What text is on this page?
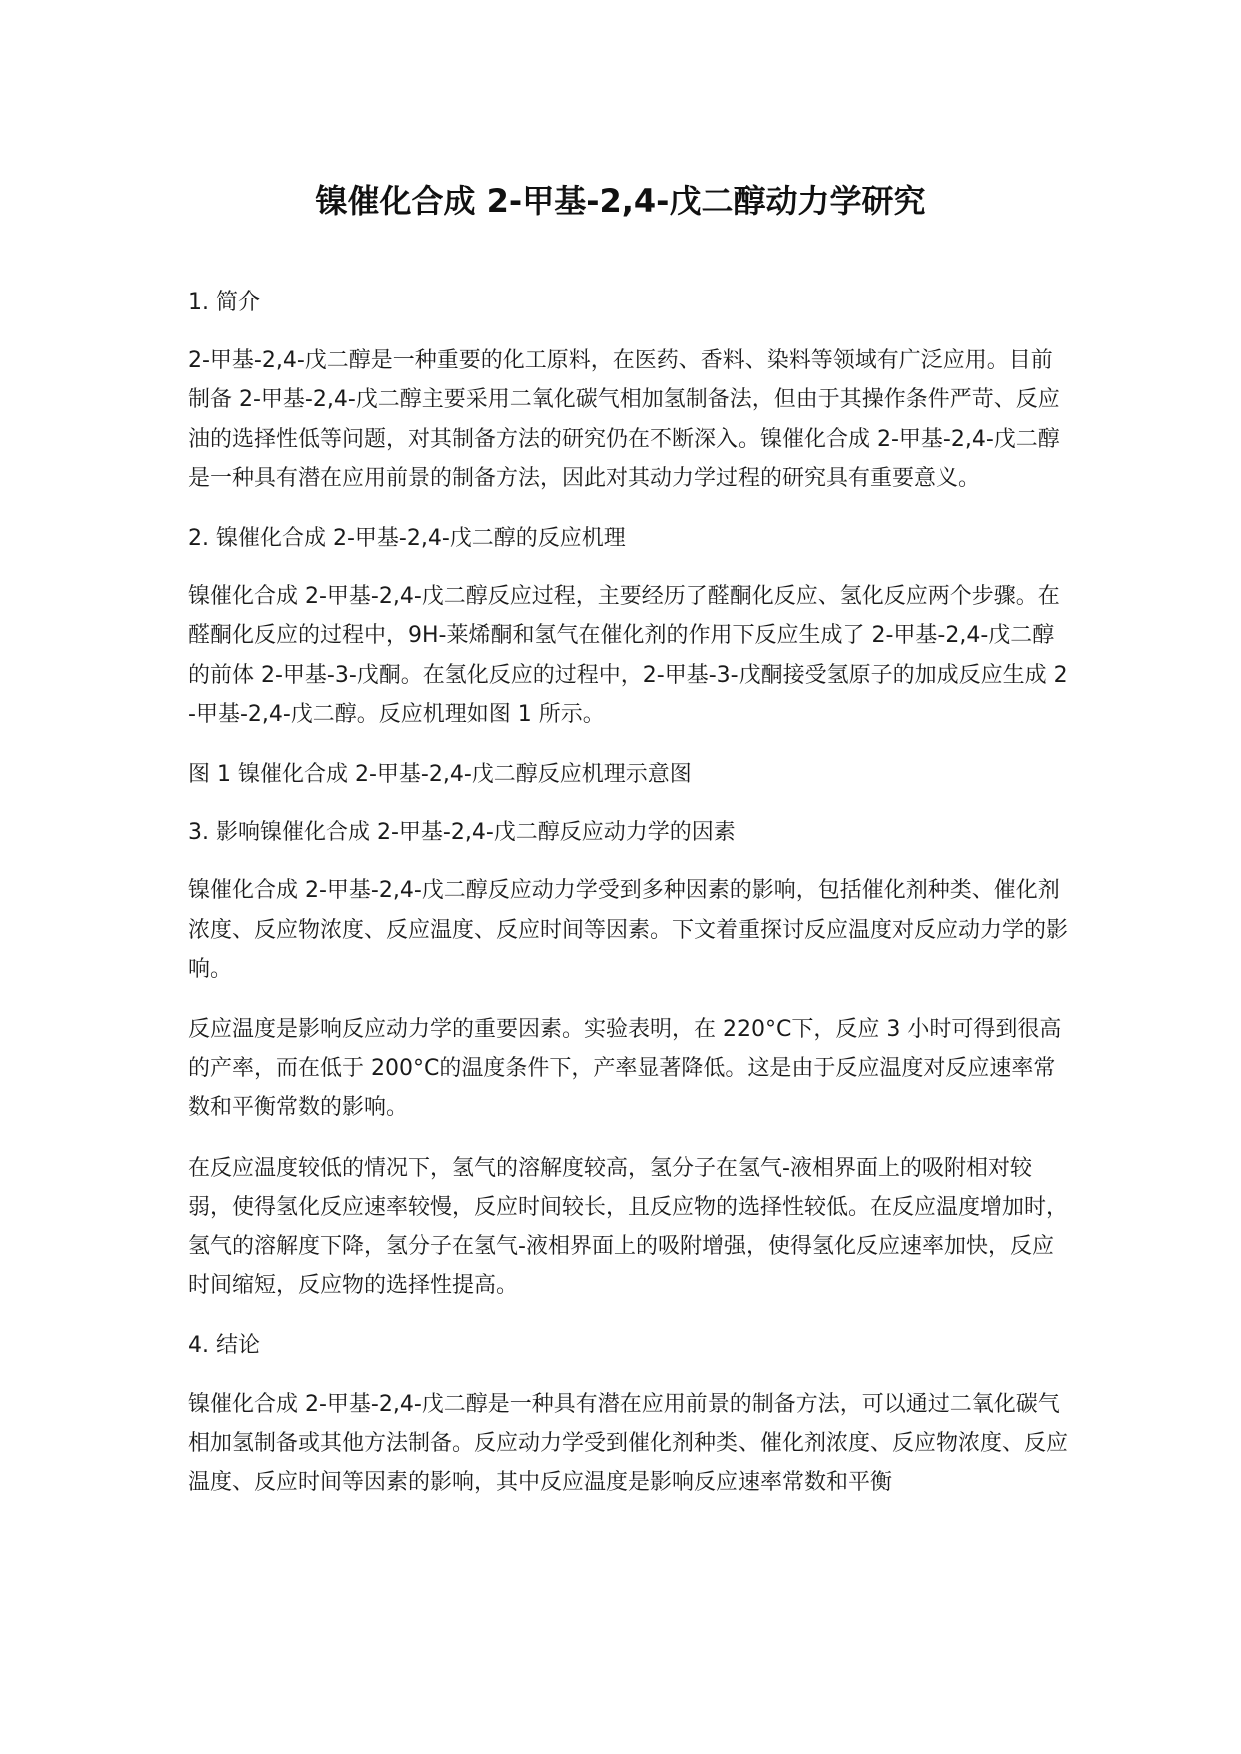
镍催化合成 2-甲基-2,4-戊二醇动力学研究

1. 简介

2-甲基-2,4-戊二醇是一种重要的化工原料，在医药、香料、染料等领域有广泛应用。目前制备 2-甲基-2,4-戊二醇主要采用二氧化碳气相加氢制备法，但由于其操作条件严苛、反应油的选择性低等问题，对其制备方法的研究仍在不断深入。镍催化合成 2-甲基-2,4-戊二醇是一种具有潜在应用前景的制备方法，因此对其动力学过程的研究具有重要意义。

2. 镍催化合成 2-甲基-2,4-戊二醇的反应机理

镍催化合成 2-甲基-2,4-戊二醇反应过程，主要经历了醛酮化反应、氢化反应两个步骤。在醛酮化反应的过程中，9H-莱烯酮和氢气在催化剂的作用下反应生成了 2-甲基-2,4-戊二醇的前体 2-甲基-3-戊酮。在氢化反应的过程中，2-甲基-3-戊酮接受氢原子的加成反应生成 2-甲基-2,4-戊二醇。反应机理如图 1 所示。

图 1 镍催化合成 2-甲基-2,4-戊二醇反应机理示意图

3. 影响镍催化合成 2-甲基-2,4-戊二醇反应动力学的因素

镍催化合成 2-甲基-2,4-戊二醇反应动力学受到多种因素的影响，包括催化剂种类、催化剂浓度、反应物浓度、反应温度、反应时间等因素。下文着重探讨反应温度对反应动力学的影响。

反应温度是影响反应动力学的重要因素。实验表明，在 220°C下，反应 3 小时可得到很高的产率，而在低于 200°C的温度条件下，产率显著降低。这是由于反应温度对反应速率常数和平衡常数的影响。

在反应温度较低的情况下，氢气的溶解度较高，氢分子在氢气-液相界面上的吸附相对较弱，使得氢化反应速率较慢，反应时间较长，且反应物的选择性较低。在反应温度增加时，氢气的溶解度下降，氢分子在氢气-液相界面上的吸附增强，使得氢化反应速率加快，反应时间缩短，反应物的选择性提高。

4. 结论

镍催化合成 2-甲基-2,4-戊二醇是一种具有潜在应用前景的制备方法，可以通过二氧化碳气相加氢制备或其他方法制备。反应动力学受到催化剂种类、催化剂浓度、反应物浓度、反应温度、反应时间等因素的影响，其中反应温度是影响反应速率常数和平衡
